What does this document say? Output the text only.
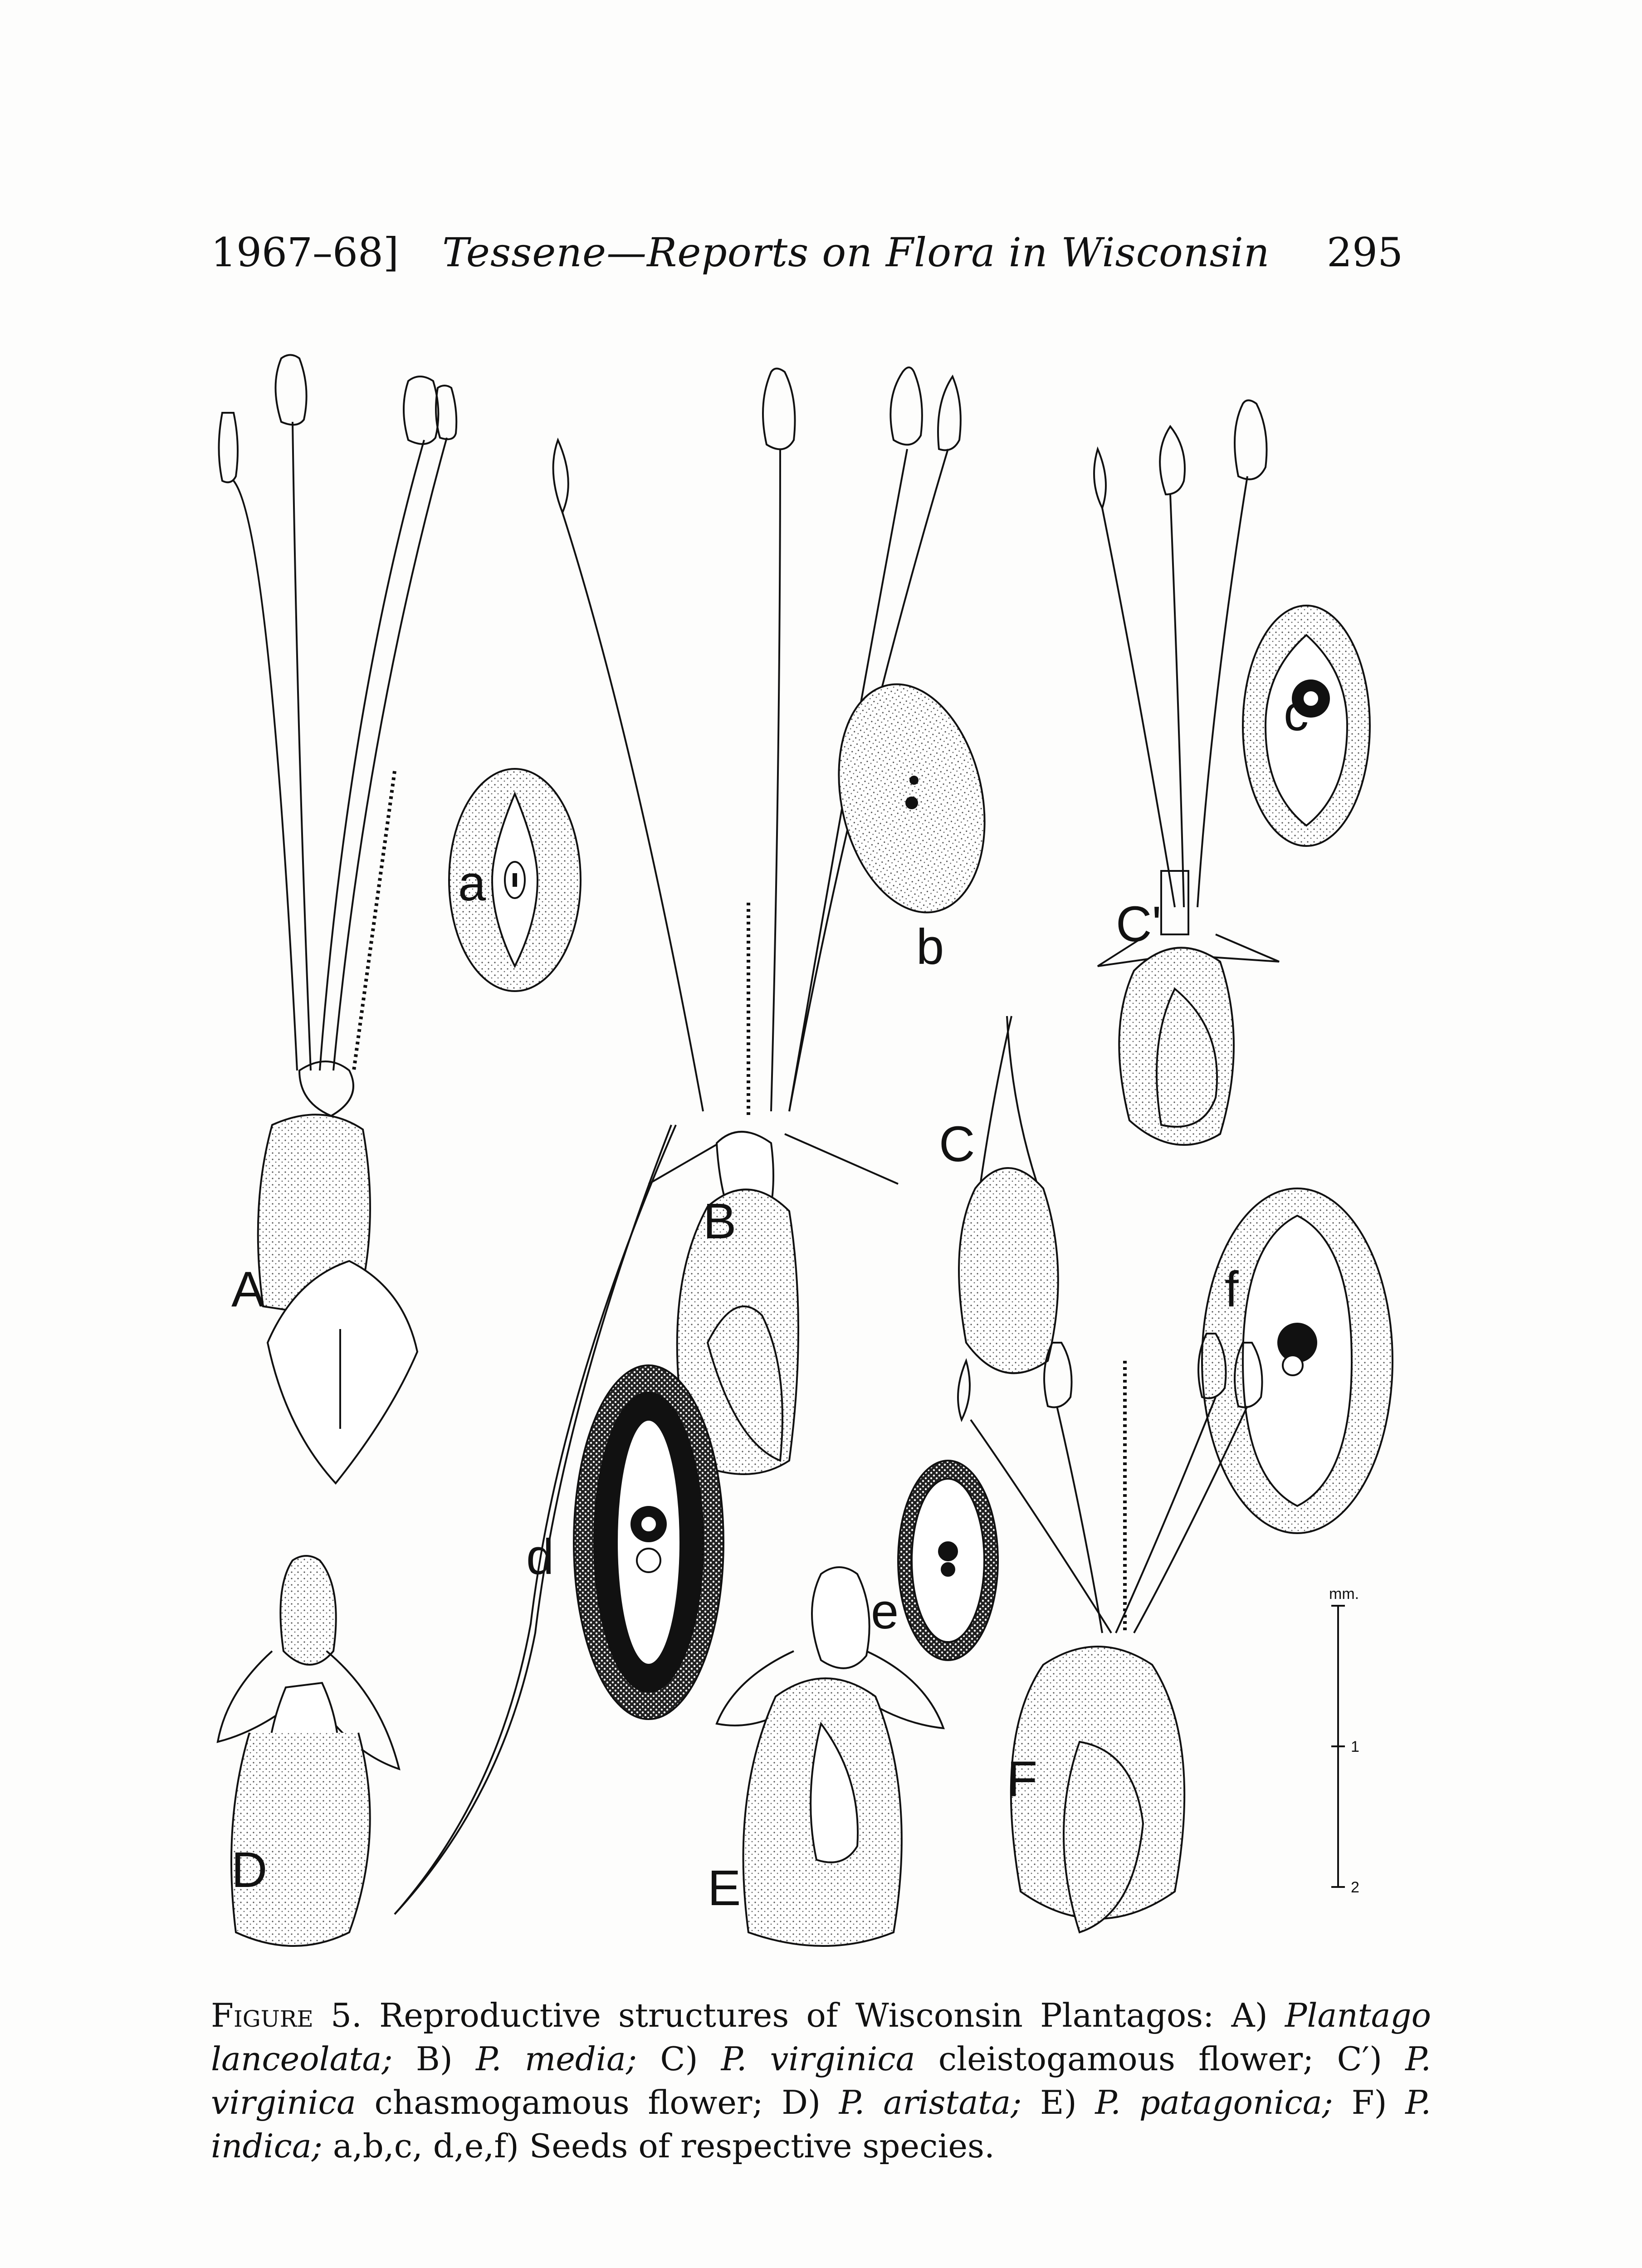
1967–68] Tessene—Reports on Flora in Wisconsin 295
A
a
B
b	C'
c
C
f
D
d
e
E
F
mm.
1
2
Figure 5. Reproductive structures of Wisconsin Plantagos: A) Plantago lanceolata; B) P. media; C) P. virginica cleistogamous flower; C′) P. virginica chasmogamous flower; D) P. aristata; E) P. patagonica; F) P. indica; a,b,c, d,e,f) Seeds of respective species.
